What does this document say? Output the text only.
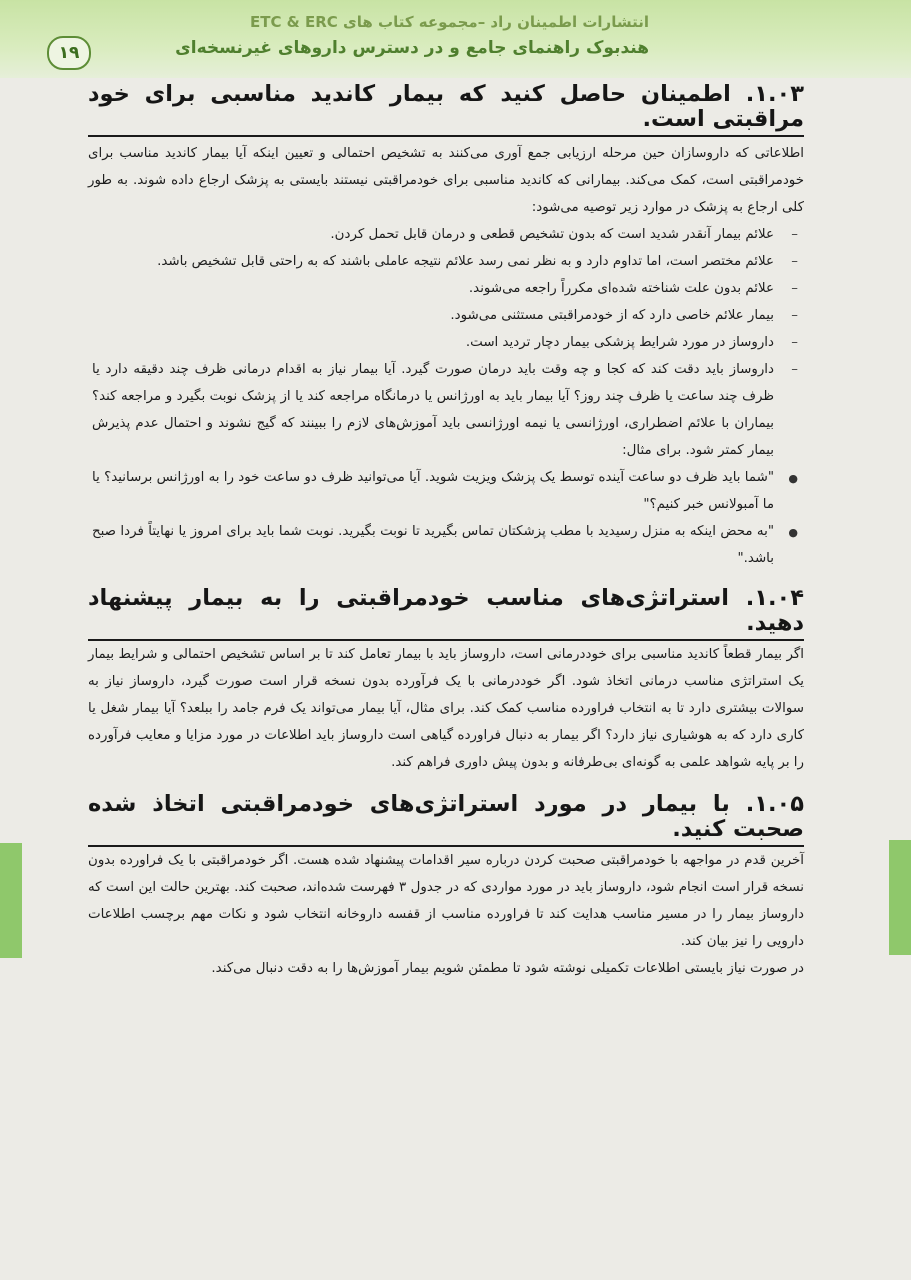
انتشارات اطمینان راد –مجموعه کتاب های ETC & ERC
هندبوک راهنمای جامع و در دسترس داروهای غیرنسخه‌ای
۱۹
۱.۰۳. اطمینان حاصل کنید که بیمار کاندید مناسبی برای خود مراقبتی است.

اطلاعاتی که داروسازان حین مرحله ارزیابی جمع آوری می‌کنند به تشخیص احتمالی و تعیین اینکه آیا بیمار کاندید مناسب برای خودمراقبتی است، کمک می‌کند. بیمارانی که کاندید مناسبی برای خودمراقبتی نیستند بایستی به پزشک ارجاع داده شوند. به طور کلی ارجاع به پزشک در موارد زیر توصیه می‌شود:

– علائم بیمار آنقدر شدید است که بدون تشخیص قطعی و درمان قابل تحمل کردن.
– علائم مختصر است، اما تداوم دارد و به نظر نمی رسد علائم نتیجه عاملی باشند که به راحتی قابل تشخیص باشد.
– علائم بدون علت شناخته شده‌ای مکرراً راجعه می‌شوند.
– بیمار علائم خاصی دارد که از خودمراقبتی مستثنی می‌شود.
– داروساز در مورد شرایط پزشکی بیمار دچار تردید است.
– داروساز باید دقت کند که کجا و چه وقت باید درمان صورت گیرد. آیا بیمار نیاز به اقدام درمانی ظرف چند دقیقه دارد یا ظرف چند ساعت یا ظرف چند روز؟ آیا بیمار باید به اورژانس یا درمانگاه مراجعه کند یا از پزشک نوبت بگیرد و مراجعه کند؟ بیماران با علائم اضطراری، اورژانسی یا نیمه اورژانسی باید آموزش‌های لازم را ببینند که گیج نشوند و احتمال عدم پذیرش بیمار کمتر شود. برای مثال:
● "شما باید ظرف دو ساعت آینده توسط یک پزشک ویزیت شوید. آیا می‌توانید ظرف دو ساعت خود را به اورژانس برسانید؟ یا ما آمبولانس خبر کنیم؟"
● "به محض اینکه به منزل رسیدید با مطب پزشکتان تماس بگیرید تا نوبت بگیرید. نوبت شما باید برای امروز یا نهایتاً فردا صبح باشد."
۱.۰۴. استراتژی‌های مناسب خودمراقبتی را به بیمار پیشنهاد دهید.

اگر بیمار قطعاً کاندید مناسبی برای خوددرمانی است، داروساز باید با بیمار تعامل کند تا بر اساس تشخیص احتمالی و شرایط بیمار یک استراتژی مناسب درمانی اتخاذ شود. اگر خوددرمانی با یک فرآورده بدون نسخه قرار است صورت گیرد، داروساز نیاز به سوالات بیشتری دارد تا به انتخاب فراورده مناسب کمک کند. برای مثال، آیا بیمار می‌تواند یک فرم جامد را ببلعد؟ آیا بیمار شغل یا کاری دارد که به هوشیاری نیاز دارد؟ اگر بیمار به دنبال فراورده گیاهی است داروساز باید اطلاعات در مورد مزایا و معایب فرآورده را بر پایه شواهد علمی به گونه‌ای بی‌طرفانه و بدون پیش داوری فراهم کند.

۱.۰۵. با بیمار در مورد استراتژی‌های خودمراقبتی اتخاذ شده صحبت کنید.

آخرین قدم در مواجهه با خودمراقبتی صحبت کردن درباره سیر اقدامات پیشنهاد شده هست. اگر خودمراقبتی با یک فراورده بدون نسخه قرار است انجام شود، داروساز باید در مورد مواردی که در جدول ۳ فهرست شده‌اند، صحبت کند. بهترین حالت این است که داروساز بیمار را در مسیر مناسب هدایت کند تا فراورده مناسب از قفسه داروخانه انتخاب شود و نکات مهم برچسب اطلاعات دارویی را نیز بیان کند.

در صورت نیاز بایستی اطلاعات تکمیلی نوشته شود تا مطمئن شویم بیمار آموزش‌ها را به دقت دنبال می‌کند.
